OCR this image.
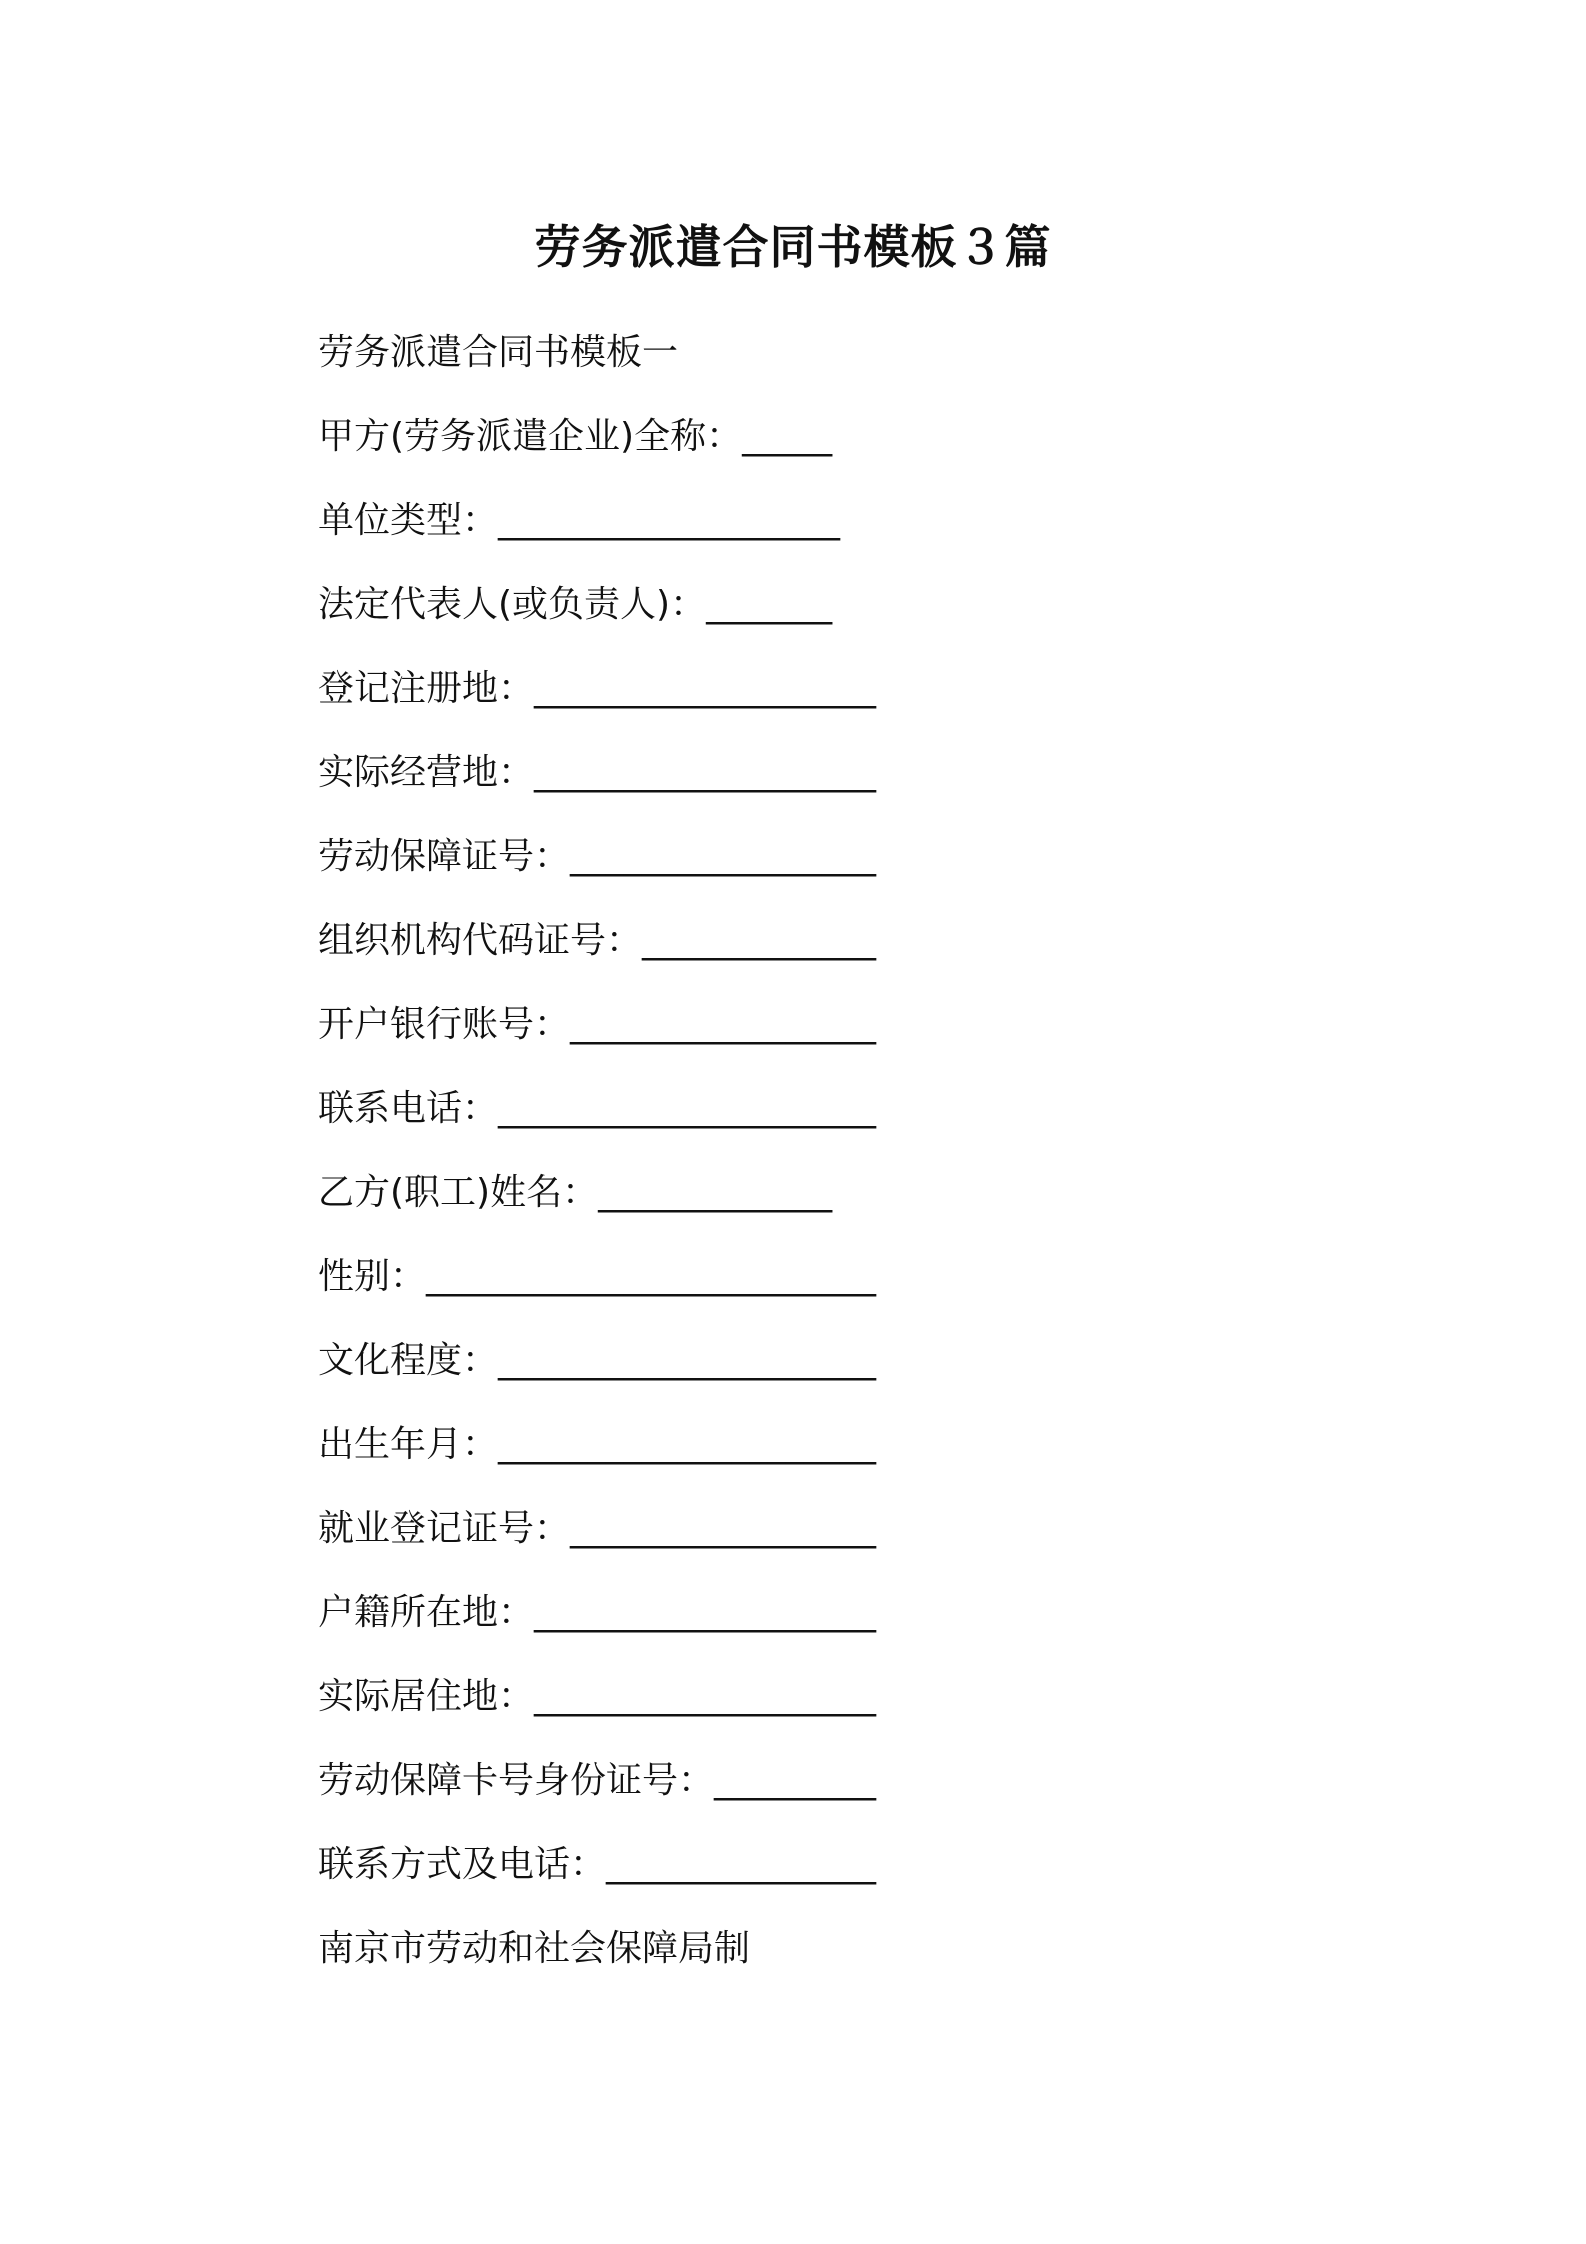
劳务派遣合同书模板３篇
劳务派遣合同书模板一
甲方(劳务派遣企业)全称：_____
单位类型：___________________
法定代表人(或负责人)：_______
登记注册地：___________________
实际经营地：___________________
劳动保障证号：_________________
组织机构代码证号：_____________
开户银行账号：_________________
联系电话：_____________________
乙方(职工)姓名：_____________
性别：_________________________
文化程度：_____________________
出生年月：_____________________
就业登记证号：_________________
户籍所在地：___________________
实际居住地：___________________
劳动保障卡号身份证号：_________
联系方式及电话：_______________
南京市劳动和社会保障局制
